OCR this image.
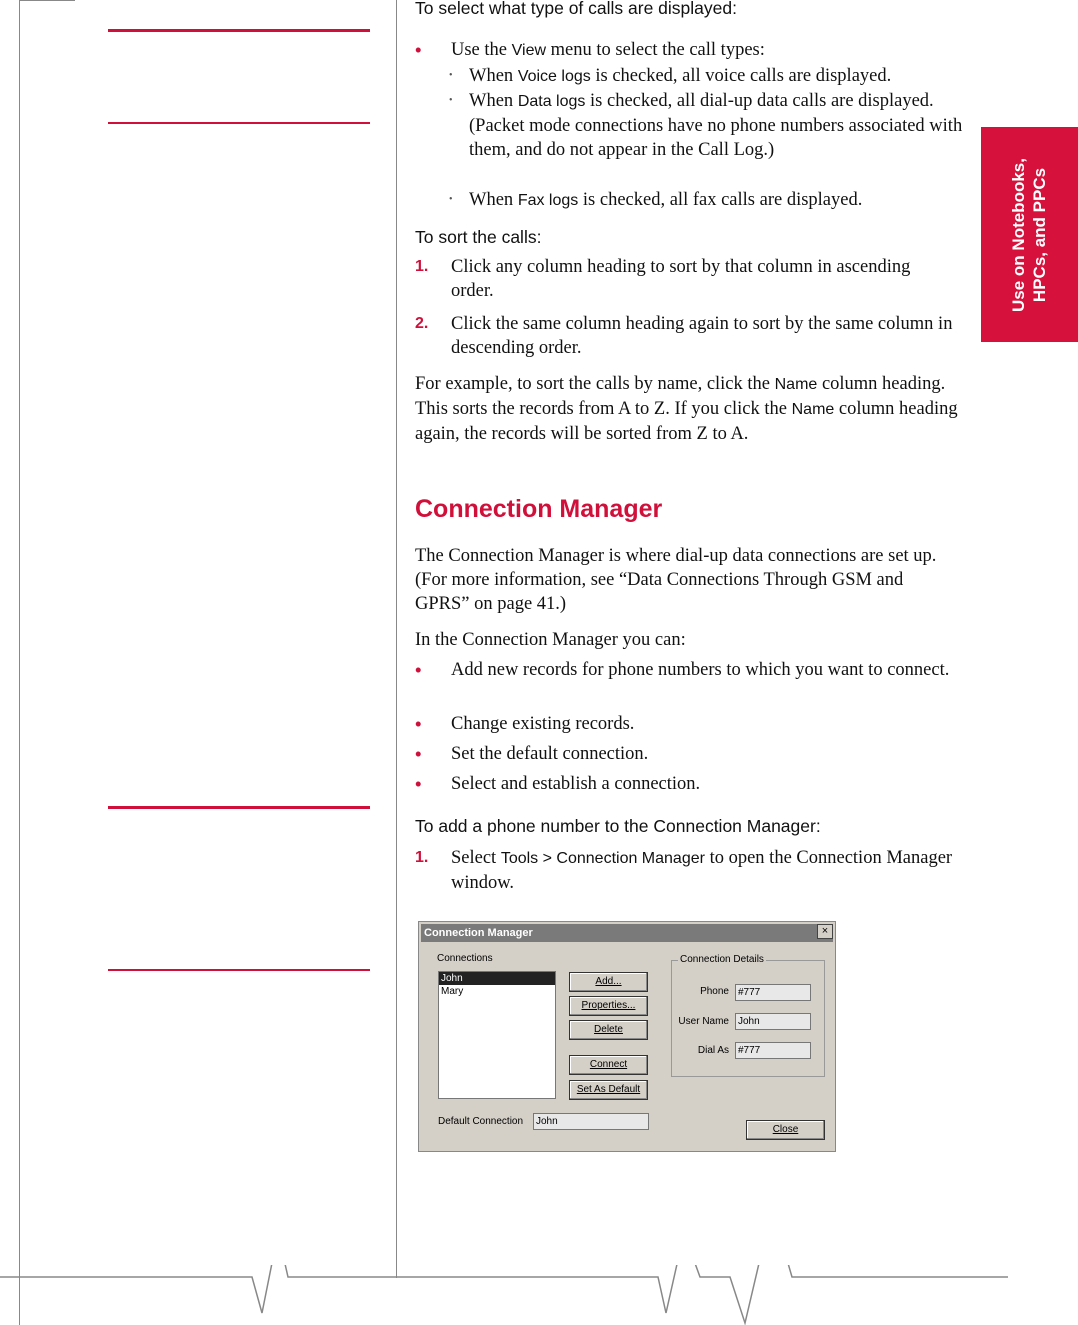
Use on Notebooks, HPCs, and PPCs

To select what type of calls are displayed:

• Use the View menu to select the call types:
• When Voice logs is checked, all voice calls are displayed.
• When Data logs is checked, all dial-up data calls are displayed. (Packet mode connections have no phone numbers associated with them, and do not appear in the Call Log.)
• When Fax logs is checked, all fax calls are displayed.

To sort the calls:

1. Click any column heading to sort by that column in ascending order.
2. Click the same column heading again to sort by the same column in descending order.

For example, to sort the calls by name, click the Name column heading. This sorts the records from A to Z. If you click the Name column heading again, the records will be sorted from Z to A.

Connection Manager

The Connection Manager is where dial-up data connections are set up. (For more information, see “Data Connections Through GSM and GPRS” on page 41.)

In the Connection Manager you can:

• Add new records for phone numbers to which you want to connect.
• Change existing records.
• Set the default connection.
• Select and establish a connection.

To add a phone number to the Connection Manager:

1. Select Tools > Connection Manager to open the Connection Manager window.
Connection Manager	×
Connections
John
Mary
Add...
Properties...
Delete
Connect
Set As Default
Connection Details
Phone #777
User Name John
Dial As #777
Default Connection	John
Close
